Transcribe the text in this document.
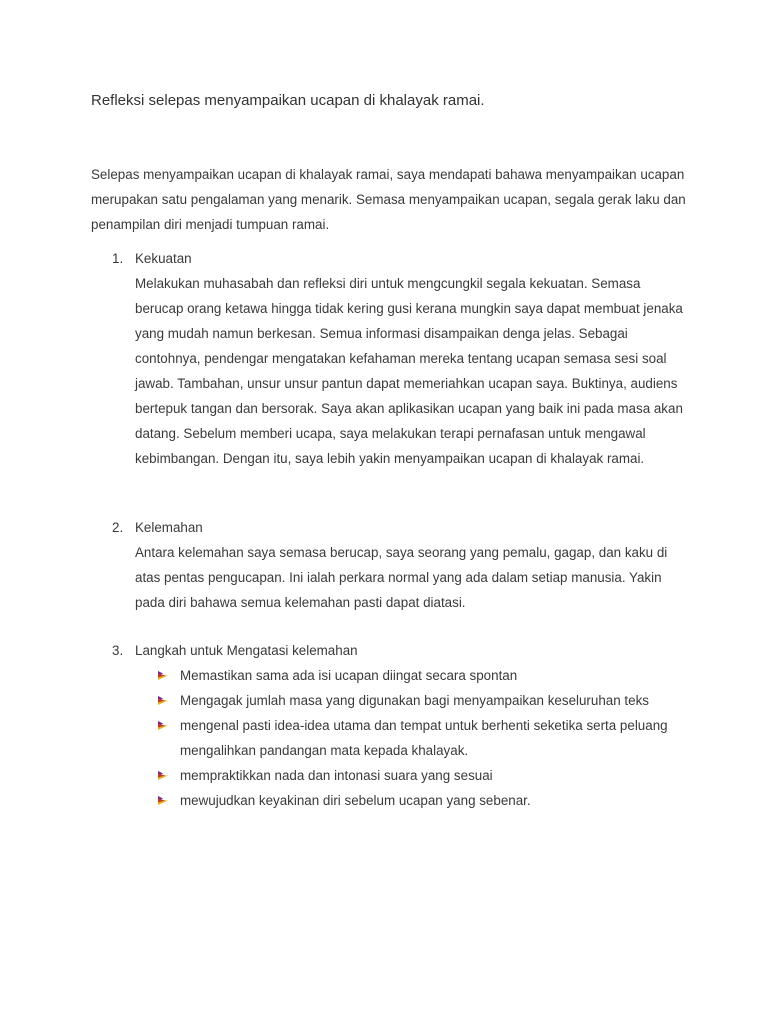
Refleksi selepas menyampaikan ucapan di khalayak ramai.

Selepas menyampaikan ucapan di khalayak ramai, saya mendapati bahawa menyampaikan ucapan merupakan satu pengalaman yang menarik. Semasa menyampaikan ucapan, segala gerak laku dan penampilan diri menjadi tumpuan ramai.

1. Kekuatan

Melakukan muhasabah dan refleksi diri untuk mengcungkil segala kekuatan. Semasa berucap orang ketawa hingga tidak kering gusi kerana mungkin saya dapat membuat jenaka yang mudah namun berkesan. Semua informasi disampaikan denga jelas. Sebagai contohnya, pendengar mengatakan kefahaman mereka tentang ucapan semasa sesi soal jawab. Tambahan, unsur unsur pantun dapat memeriahkan ucapan saya. Buktinya, audiens bertepuk tangan dan bersorak. Saya akan aplikasikan ucapan yang baik ini pada masa akan datang. Sebelum memberi ucapa, saya melakukan terapi pernafasan untuk mengawal kebimbangan. Dengan itu, saya lebih yakin menyampaikan ucapan di khalayak ramai.

2. Kelemahan

Antara kelemahan saya semasa berucap, saya seorang yang pemalu, gagap, dan kaku di atas pentas pengucapan. Ini ialah perkara normal yang ada dalam setiap manusia. Yakin pada diri bahawa semua kelemahan pasti dapat diatasi.

3. Langkah untuk Mengatasi kelemahan
Memastikan sama ada isi ucapan diingat secara spontan
Mengagak jumlah masa yang digunakan bagi menyampaikan keseluruhan teks
mengenal pasti idea-idea utama dan tempat untuk berhenti seketika serta peluang mengalihkan pandangan mata kepada khalayak.
mempraktikkan nada dan intonasi suara yang sesuai
mewujudkan keyakinan diri sebelum ucapan yang sebenar.
